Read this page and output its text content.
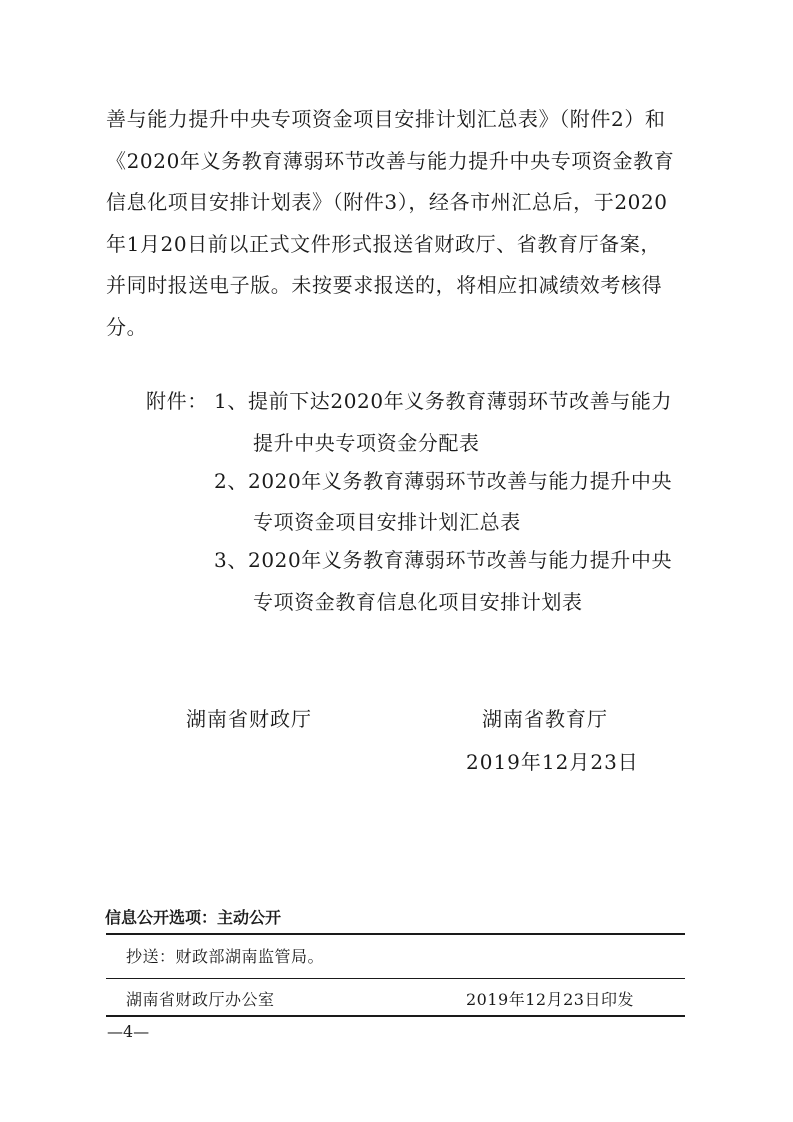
善与能力提升中央专项资金项目安排计划汇总表》（附件2）和
《2020年义务教育薄弱环节改善与能力提升中央专项资金教育
信息化项目安排计划表》（附件3），经各市州汇总后，于2020
年1月20日前以正式文件形式报送省财政厅、省教育厅备案，
并同时报送电子版。未按要求报送的，将相应扣减绩效考核得
分。
附件： 1、 提前下达2020年义务教育薄弱环节改善与能力
提升中央专项资金分配表
2、 2020年义务教育薄弱环节改善与能力提升中央
专项资金项目安排计划汇总表
3、 2020年义务教育薄弱环节改善与能力提升中央
专项资金教育信息化项目安排计划表
湖南省财政厅	湖南省教育厅
2019年12月23日
信息公开选项：主动公开
抄送：财政部湖南监管局。
湖南省财政厅办公室	2019年12月23日印发
—4—
